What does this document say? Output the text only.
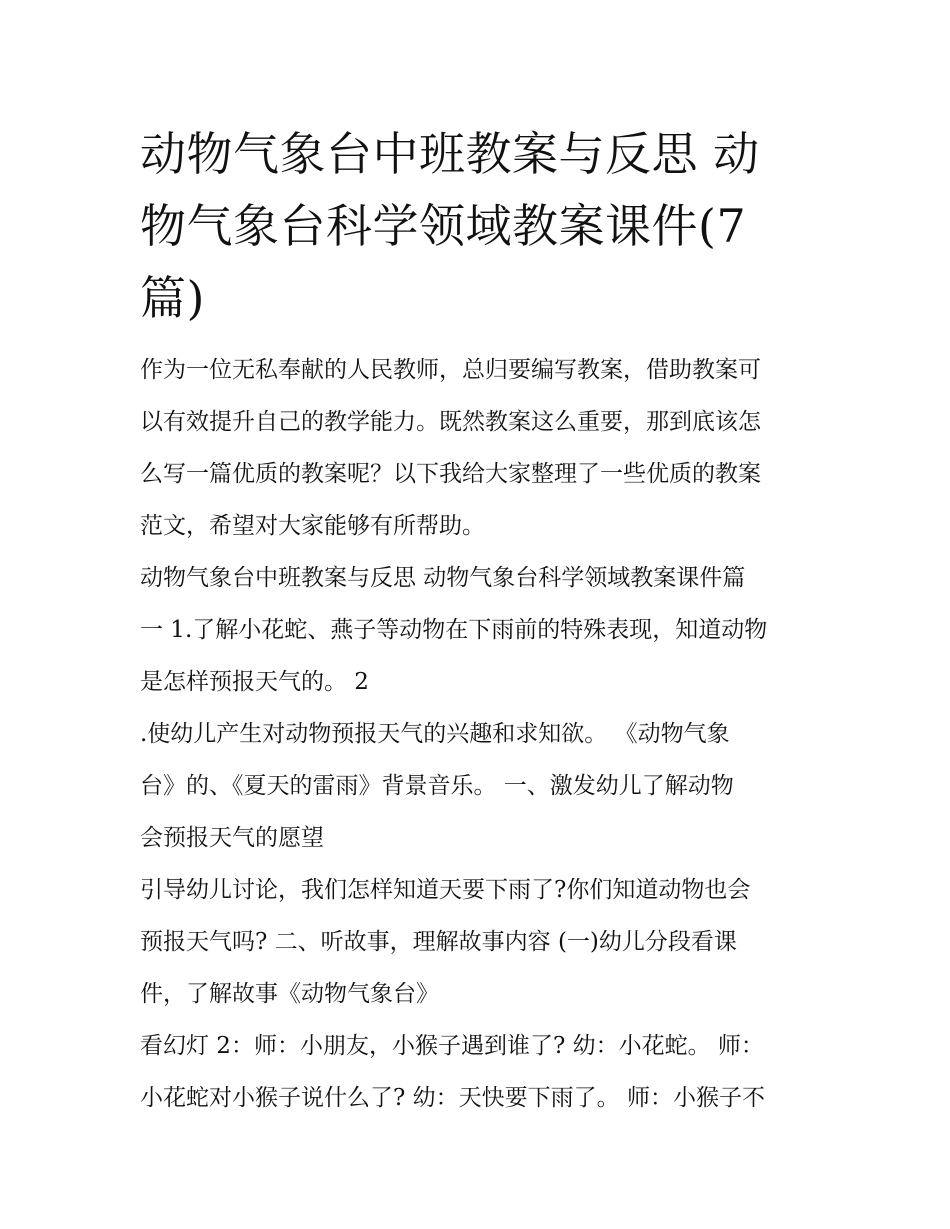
动物气象台中班教案与反思 动
物气象台科学领域教案课件(7
篇)
作为一位无私奉献的人民教师，总归要编写教案，借助教案可
以有效提升自己的教学能力。既然教案这么重要，那到底该怎
么写一篇优质的教案呢？以下我给大家整理了一些优质的教案
范文，希望对大家能够有所帮助。
动物气象台中班教案与反思 动物气象台科学领域教案课件篇
一 1.了解小花蛇、燕子等动物在下雨前的特殊表现，知道动物
是怎样预报天气的。 2
.使幼儿产生对动物预报天气的兴趣和求知欲。 《动物气象
台》的、《夏天的雷雨》背景音乐。 一、激发幼儿了解动物
会预报天气的愿望
引导幼儿讨论，我们怎样知道天要下雨了?你们知道动物也会
预报天气吗? 二、听故事，理解故事内容 (一)幼儿分段看课
件，了解故事《动物气象台》
看幻灯 2：师：小朋友，小猴子遇到谁了? 幼：小花蛇。 师：
小花蛇对小猴子说什么了? 幼：天快要下雨了。 师：小猴子不
